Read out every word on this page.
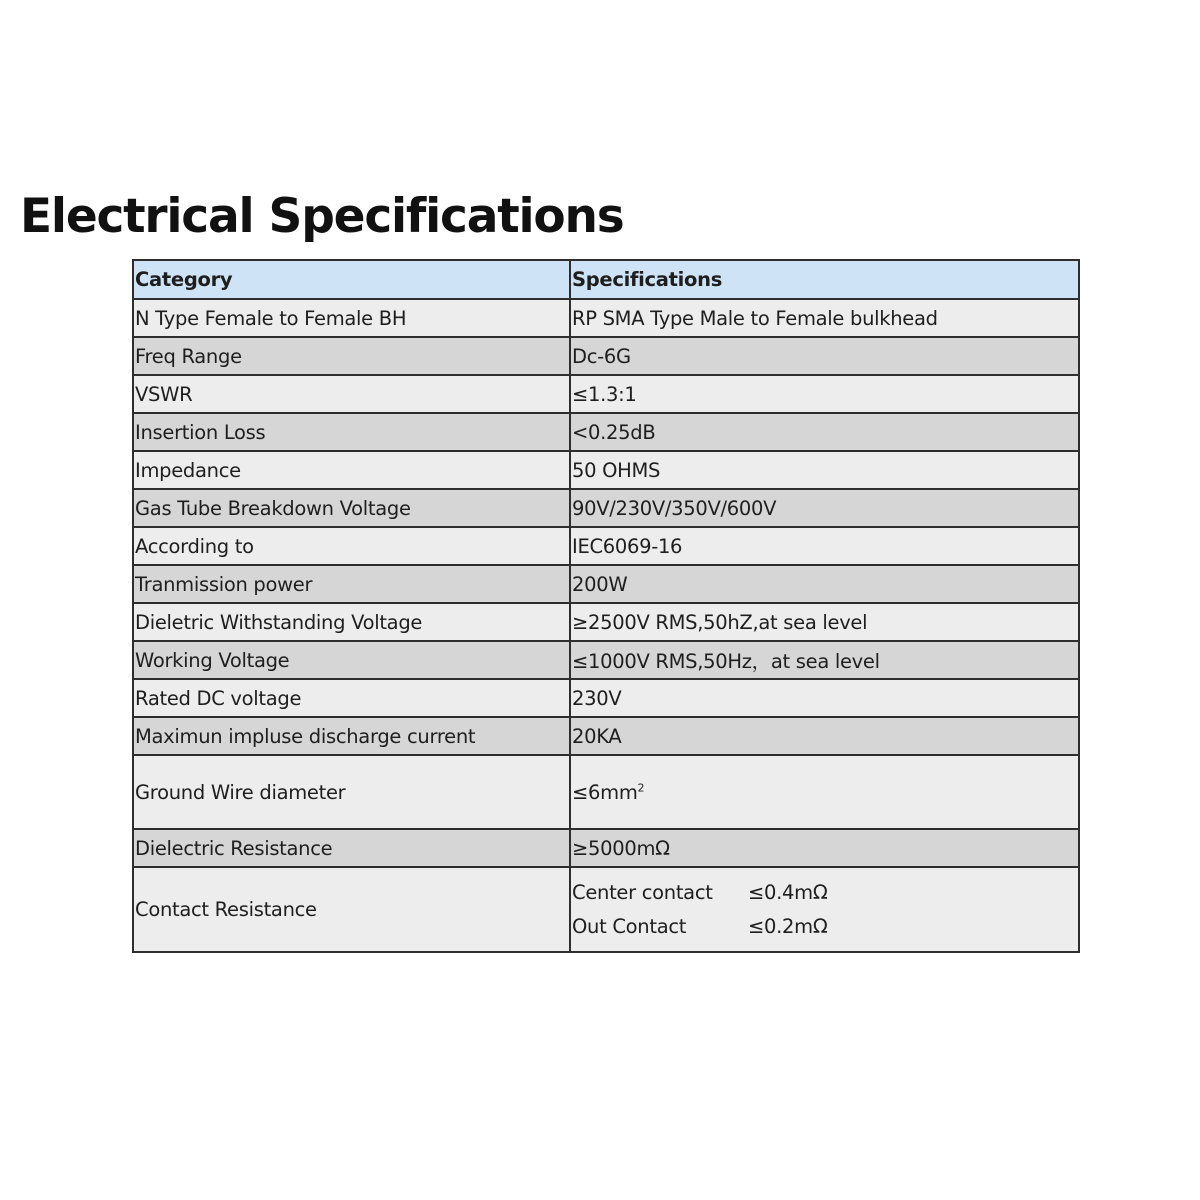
Electrical Specifications
Category	Specifications
N Type Female to Female BH	RP SMA Type Male to Female bulkhead
Freq Range	Dc-6G
VSWR	≤1.3:1
Insertion Loss	<0.25dB
Impedance	50 OHMS
Gas Tube Breakdown Voltage	90V/230V/350V/600V
According to	IEC6069-16
Tranmission power	200W
Dieletric Withstanding Voltage	≥2500V RMS,50hZ,at sea level
Working Voltage	≤1000V RMS,50Hz，at sea level
Rated DC voltage	230V
Maximun impluse discharge current	20KA
Ground Wire diameter	$\le 6mm^2$
Dielectric Resistance	≥5000mΩ
Contact Resistance	Center contact ≤0.4mΩ
Out Contact ≤0.2mΩ
